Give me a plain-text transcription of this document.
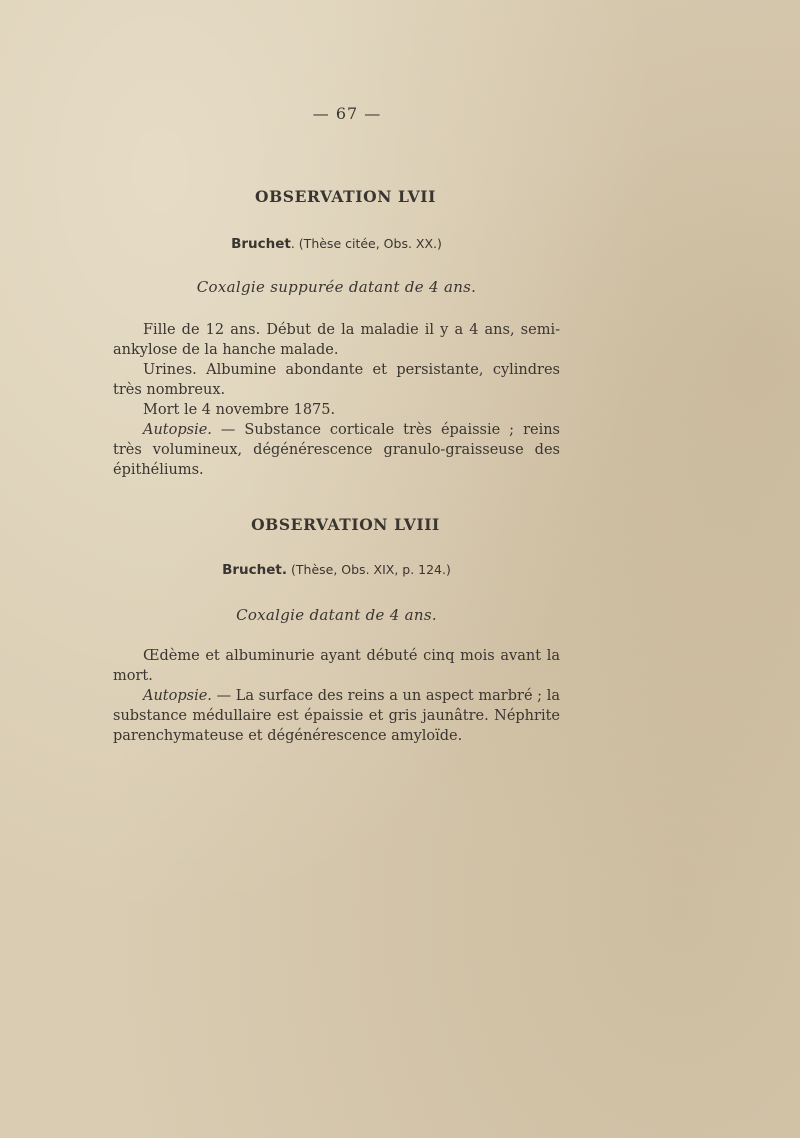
— 67 —
OBSERVATION LVII
Bruchet. (Thèse citée, Obs. XX.)
Coxalgie suppurée datant de 4 ans.

Fille de 12 ans. Début de la maladie il y a 4 ans, semi-ankylose de la hanche malade.

Urines. Albumine abondante et persistante, cylindres très nombreux.

Mort le 4 novembre 1875.

Autopsie. — Substance corticale très épaissie ; reins très volumineux, dégénérescence granulo-graisseuse des épithéliums.

OBSERVATION LVIII
Bruchet. (Thèse, Obs. XIX, p. 124.)
Coxalgie datant de 4 ans.

Œdème et albuminurie ayant débuté cinq mois avant la mort.

Autopsie. — La surface des reins a un aspect marbré ; la substance médullaire est épaissie et gris jaunâtre. Néphrite parenchymateuse et dégénérescence amyloïde.
